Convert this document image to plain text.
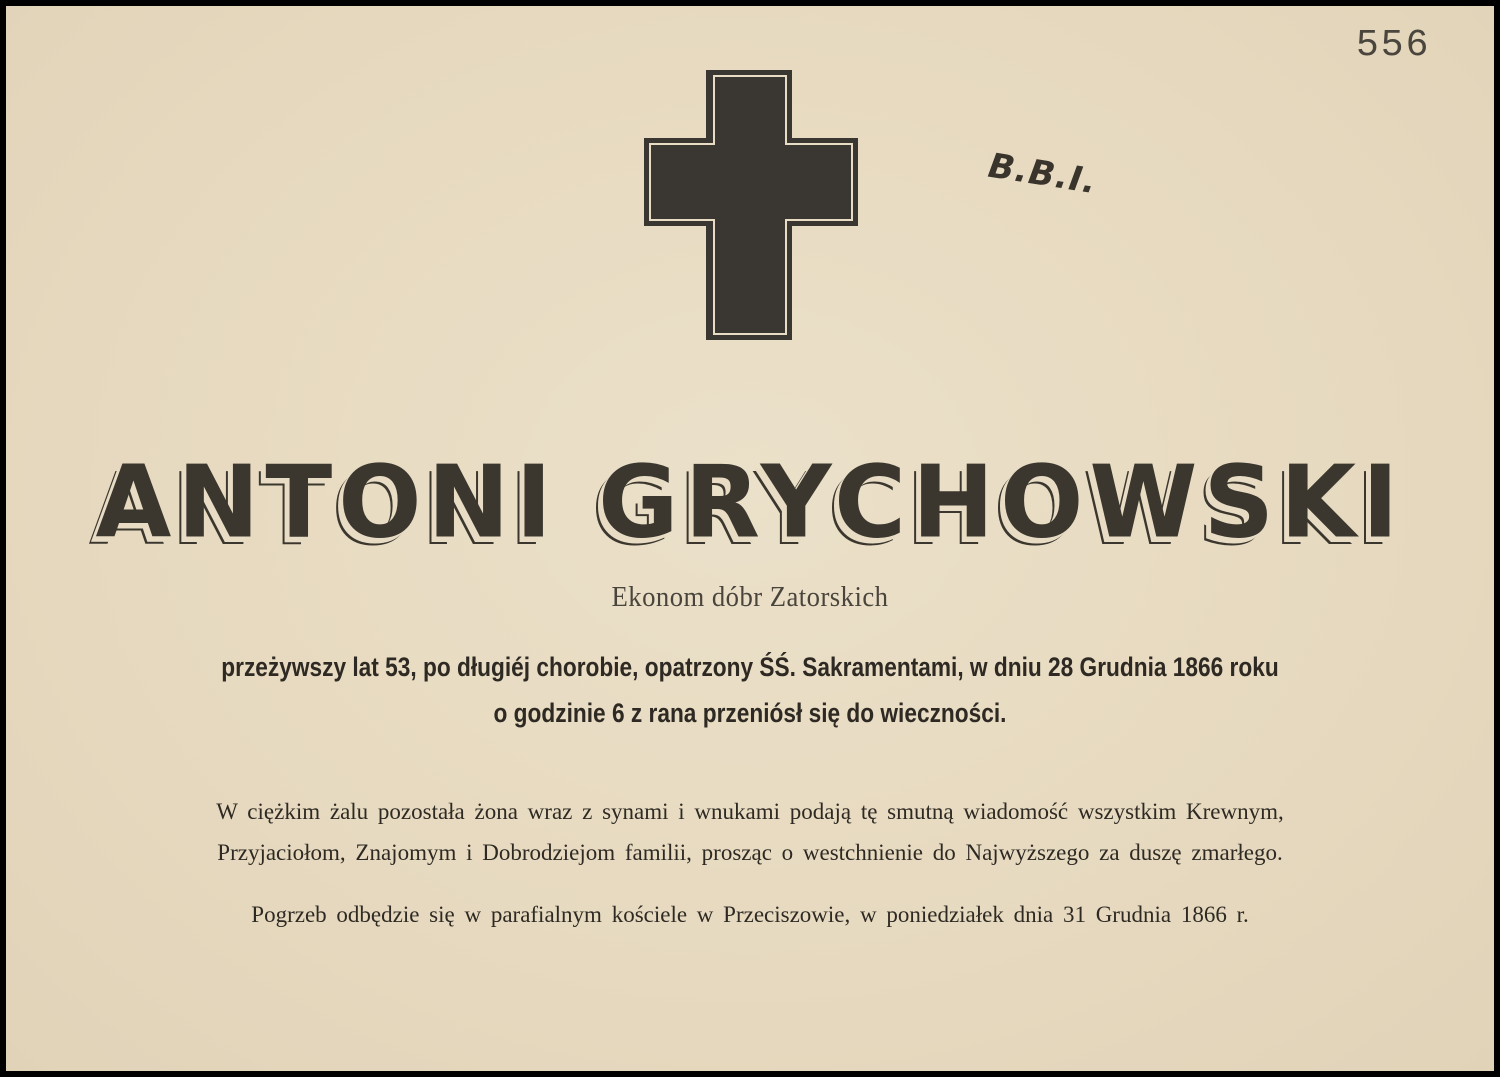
556
B.B.I.
ANTONI GRYCHOWSKI
Ekonom dóbr Zatorskich
przeżywszy lat 53, po długiéj chorobie, opatrzony ŚŚ. Sakramentami, w dniu 28 Grudnia 1866 roku
o godzinie 6 z rana przeniósł się do wieczności.
W ciężkim żalu pozostała żona wraz z synami i wnukami podają tę smutną wiadomość wszystkim Krewnym,
Przyjaciołom, Znajomym i Dobrodziejom familii, prosząc o westchnienie do Najwyższego za duszę zmarłego.
Pogrzeb odbędzie się w parafialnym kościele w Przeciszowie, w poniedziałek dnia 31 Grudnia 1866 r.
